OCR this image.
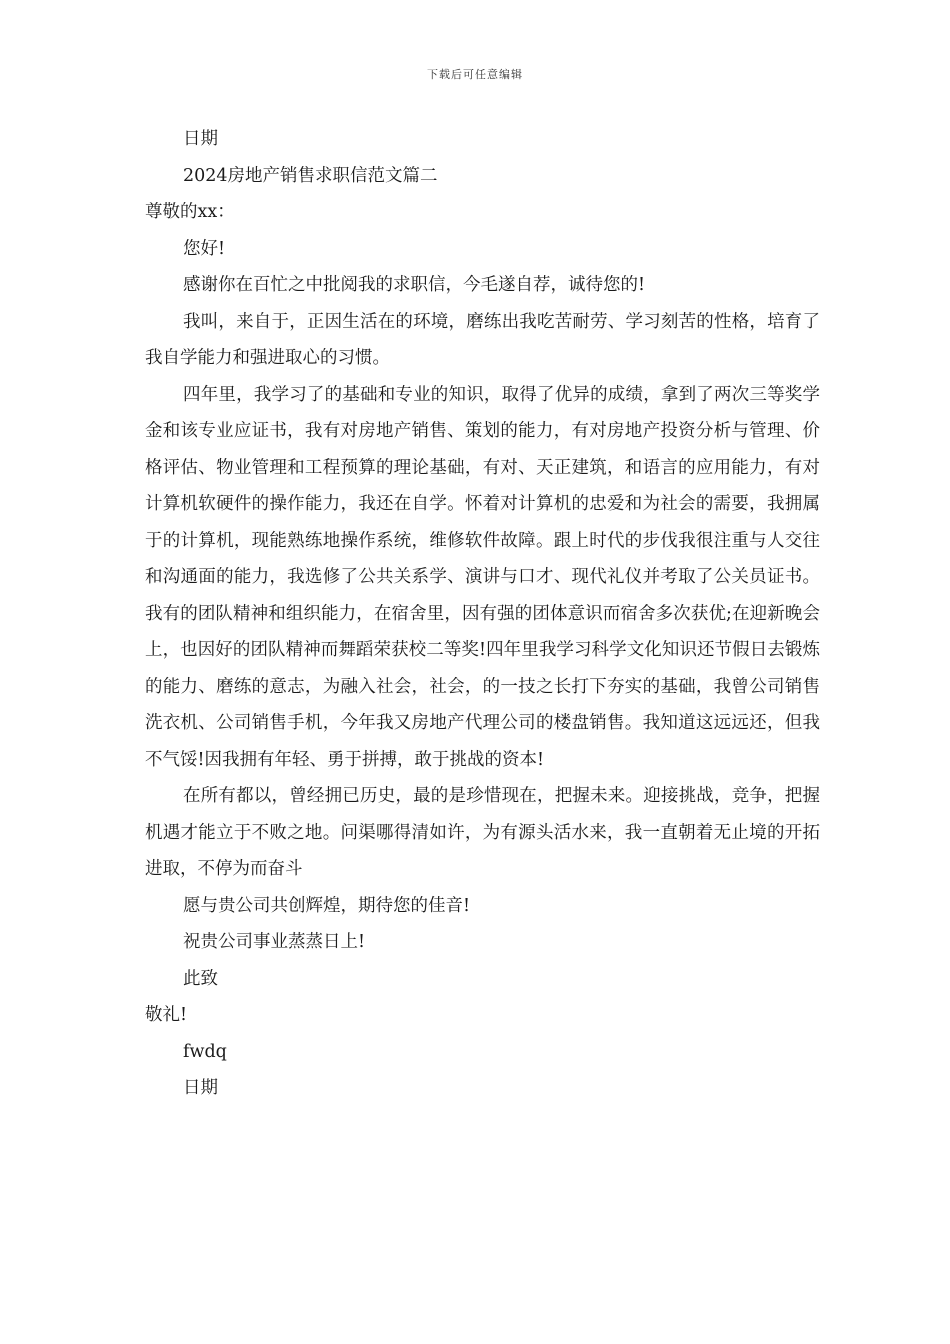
下载后可任意编辑

日期

2024房地产销售求职信范文篇二

尊敬的xx：

您好!

感谢你在百忙之中批阅我的求职信，今毛遂自荐，诚待您的!

我叫，来自于，正因生活在的环境，磨练出我吃苦耐劳、学习刻苦的性格，培育了我自学能力和强进取心的习惯。

四年里，我学习了的基础和专业的知识，取得了优异的成绩，拿到了两次三等奖学金和该专业应证书，我有对房地产销售、策划的能力，有对房地产投资分析与管理、价格评估、物业管理和工程预算的理论基础，有对、天正建筑，和语言的应用能力，有对计算机软硬件的操作能力，我还在自学。怀着对计算机的忠爱和为社会的需要，我拥属于的计算机，现能熟练地操作系统，维修软件故障。跟上时代的步伐我很注重与人交往和沟通面的能力，我选修了公共关系学、演讲与口才、现代礼仪并考取了公关员证书。我有的团队精神和组织能力，在宿舍里，因有强的团体意识而宿舍多次获优;在迎新晚会上，也因好的团队精神而舞蹈荣获校二等奖!四年里我学习科学文化知识还节假日去锻炼的能力、磨练的意志，为融入社会，社会，的一技之长打下夯实的基础，我曾公司销售洗衣机、公司销售手机，今年我又房地产代理公司的楼盘销售。我知道这远远还，但我不气馁!因我拥有年轻、勇于拼搏，敢于挑战的资本!

在所有都以，曾经拥已历史，最的是珍惜现在，把握未来。迎接挑战，竞争，把握机遇才能立于不败之地。问渠哪得清如许，为有源头活水来，我一直朝着无止境的开拓进取，不停为而奋斗

愿与贵公司共创辉煌，期待您的佳音!

祝贵公司事业蒸蒸日上!

此致

敬礼!

fwdq

日期
